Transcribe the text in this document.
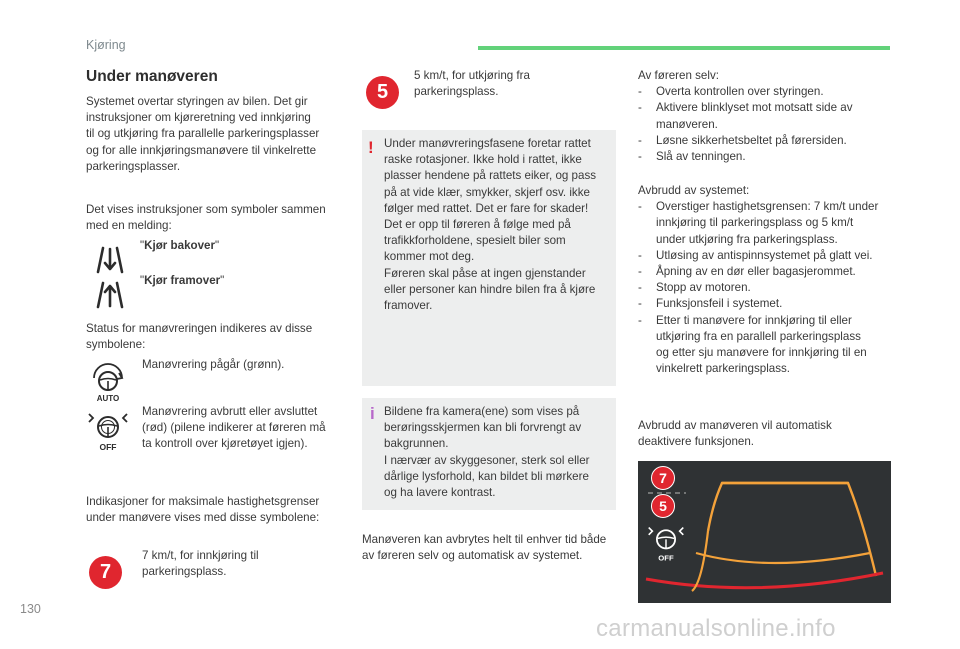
Kjøring
Under manøveren
Systemet overtar styringen av bilen. Det gir
instruksjoner om kjøreretning ved innkjøring
til og utkjøring fra parallelle parkeringsplasser
og for alle innkjøringsmanøvere til vinkelrette
parkeringsplasser.
Det vises instruksjoner som symboler sammen
med en melding:
"Kjør bakover"
"Kjør framover"
Status for manøvreringen indikeres av disse
symbolene:
AUTO
Manøvrering pågår (grønn).
OFF
Manøvrering avbrutt eller avsluttet
(rød) (pilene indikerer at føreren må
ta kontroll over kjøretøyet igjen).
Indikasjoner for maksimale hastighetsgrenser
under manøvere vises med disse symbolene:
7
7 km/t, for innkjøring til
parkeringsplass.
5
5 km/t, for utkjøring fra
parkeringsplass.
! Under manøvreringsfasene foretar rattet
raske rotasjoner. Ikke hold i rattet, ikke
plasser hendene på rattets eiker, og pass
på at vide klær, smykker, skjerf osv. ikke
følger med rattet. Det er fare for skader!
Det er opp til føreren å følge med på
trafikkforholdene, spesielt biler som
kommer mot deg.
Føreren skal påse at ingen gjenstander
eller personer kan hindre bilen fra å kjøre
framover.
i Bildene fra kamera(ene) som vises på
berøringsskjermen kan bli forvrengt av
bakgrunnen.
I nærvær av skyggesoner, sterk sol eller
dårlige lysforhold, kan bildet bli mørkere
og ha lavere kontrast.
Manøveren kan avbrytes helt til enhver tid både
av føreren selv og automatisk av systemet.
Av føreren selv:
-	Overta kontrollen over styringen.
-	Aktivere blinklyset mot motsatt side av
manøveren.
-	Løsne sikkerhetsbeltet på førersiden.
-	Slå av tenningen.
Avbrudd av systemet:
-	Overstiger hastighetsgrensen: 7 km/t under
innkjøring til parkeringsplass og 5 km/t
under utkjøring fra parkeringsplass.
-	Utløsing av antispinnsystemet på glatt vei.
-	Åpning av en dør eller bagasjerommet.
-	Stopp av motoren.
-	Funksjonsfeil i systemet.
-	Etter ti manøvere for innkjøring til eller
utkjøring fra en parallell parkeringsplass
og etter sju manøvere for innkjøring til en
vinkelrett parkeringsplass.
Avbrudd av manøveren vil automatisk
deaktivere funksjonen.
7
5
OFF
130
carmanualsonline.info
